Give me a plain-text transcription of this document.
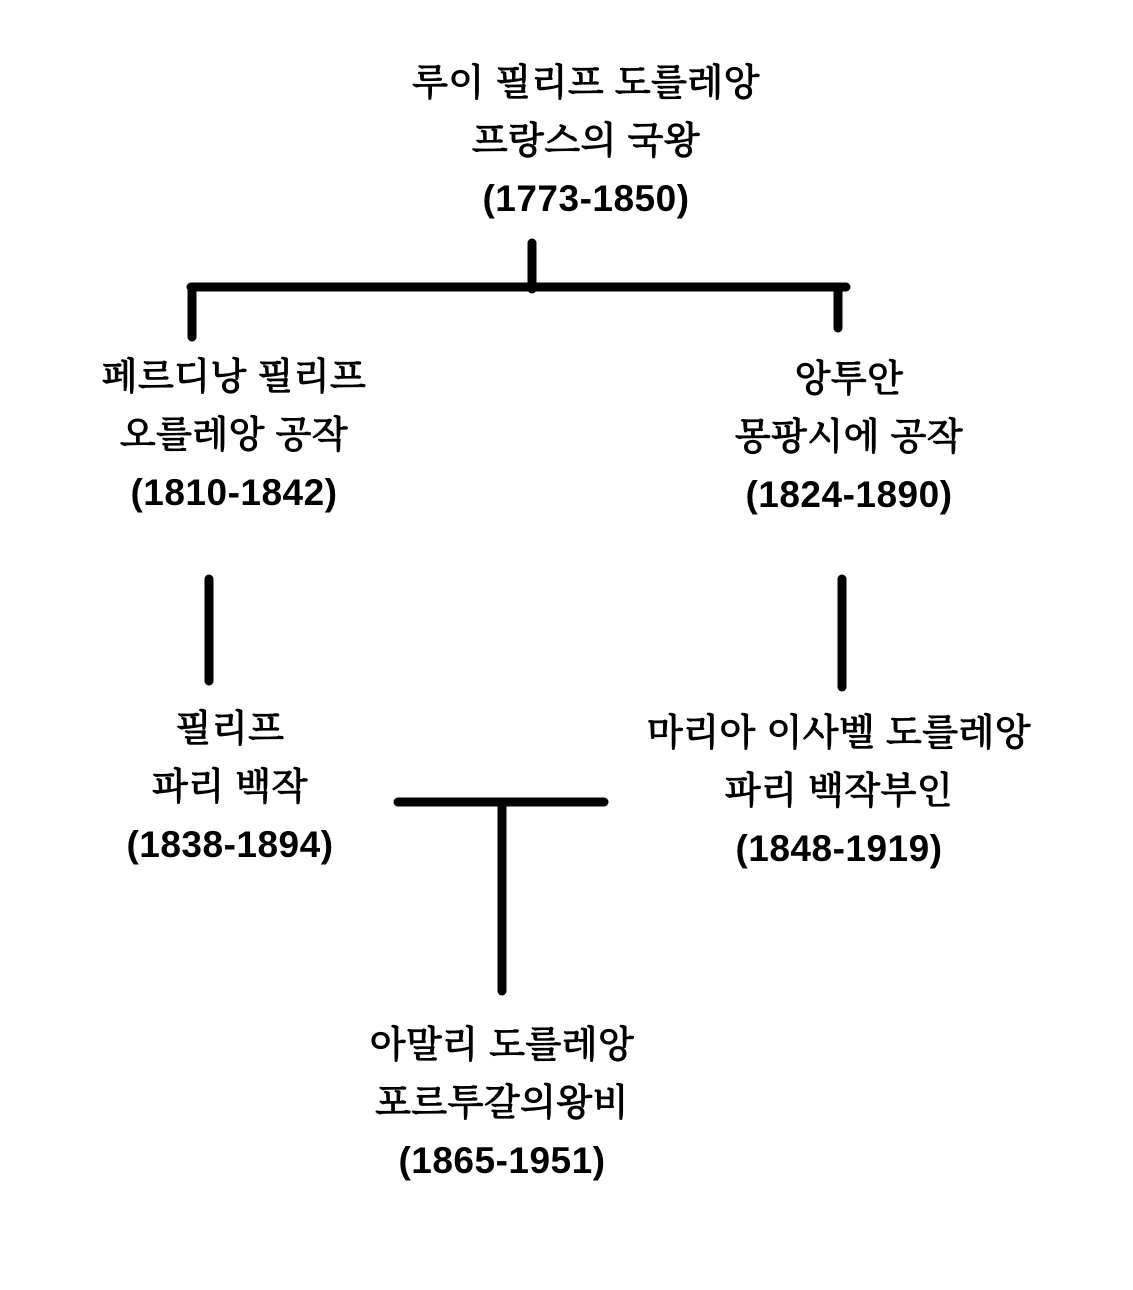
루이 필리프 도를레앙
프랑스의 국왕
(1773-1850)
페르디낭 필리프
오를레앙 공작
(1810-1842)
앙투안
몽팡시에 공작
(1824-1890)
필리프
파리 백작
(1838-1894)
마리아 이사벨 도를레앙
파리 백작부인
(1848-1919)
아말리 도를레앙
포르투갈의왕비
(1865-1951)
